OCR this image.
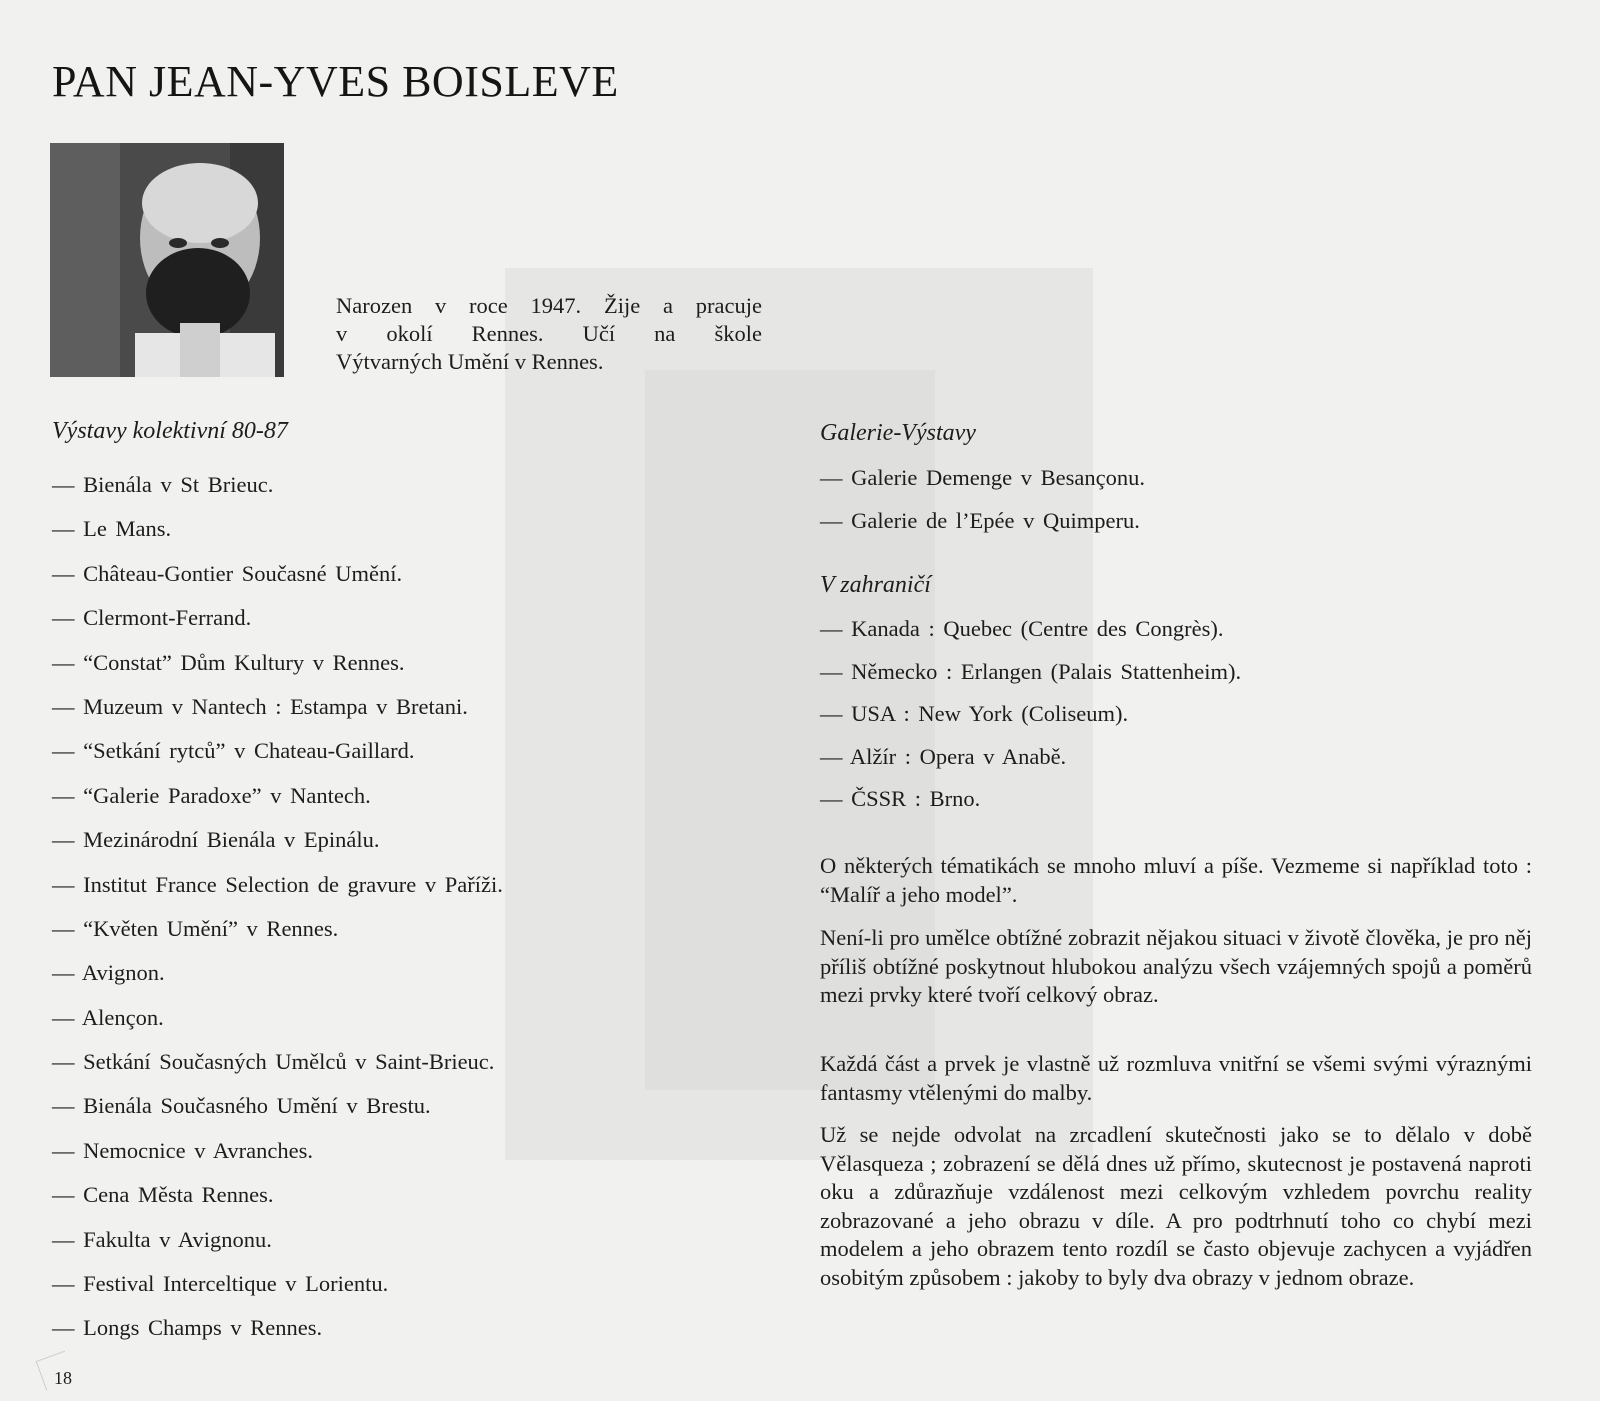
PAN JEAN-YVES BOISLEVE
Narozen v roce 1947. Žije a pracuje
v okolí Rennes. Učí na škole
Výtvarných Umění v Rennes.
Výstavy kolektivní 80-87
— Bienála v St Brieuc.
— Le Mans.
— Château-Gontier Současné Umění.
— Clermont-Ferrand.
— “Constat” Dům Kultury v Rennes.
— Muzeum v Nantech : Estampa v Bretani.
— “Setkání rytců” v Chateau-Gaillard.
— “Galerie Paradoxe” v Nantech.
— Mezinárodní Bienála v Epinálu.
— Institut France Selection de gravure v Paříži.
— “Květen Umění” v Rennes.
— Avignon.
— Alençon.
— Setkání Současných Umělců v Saint-Brieuc.
— Bienála Současného Umění v Brestu.
— Nemocnice v Avranches.
— Cena Města Rennes.
— Fakulta v Avignonu.
— Festival Interceltique v Lorientu.
— Longs Champs v Rennes.
Galerie-Výstavy
— Galerie Demenge v Besançonu.
— Galerie de l’Epée v Quimperu.
V zahraničí
— Kanada : Quebec (Centre des Congrès).
— Německo : Erlangen (Palais Stattenheim).
— USA : New York (Coliseum).
— Alžír : Opera v Anabě.
— ČSSR : Brno.

O některých tématikách se mnoho mluví a píše. Vezmeme si například toto : “Malíř a jeho model”.

Není-li pro umělce obtížné zobrazit nějakou situaci v životě člověka, je pro něj příliš obtížné poskytnout hlubokou analýzu všech vzájemných spojů a poměrů mezi prvky které tvoří celkový obraz.

Každá část a prvek je vlastně už rozmluva vnitřní se všemi svými výraznými fantasmy vtělenými do malby.

Už se nejde odvolat na zrcadlení skutečnosti jako se to dělalo v době Vělasqueza ; zobrazení se dělá dnes už přímo, skutecnost je postavená naproti oku a zdůrazňuje vzdálenost mezi celkovým vzhledem povrchu reality zobrazované a jeho obrazu v díle. A pro podtrhnutí toho co chybí mezi modelem a jeho obrazem tento rozdíl se často objevuje zachycen a vyjádřen osobitým způsobem : jakoby to byly dva obrazy v jednom obraze.

18
